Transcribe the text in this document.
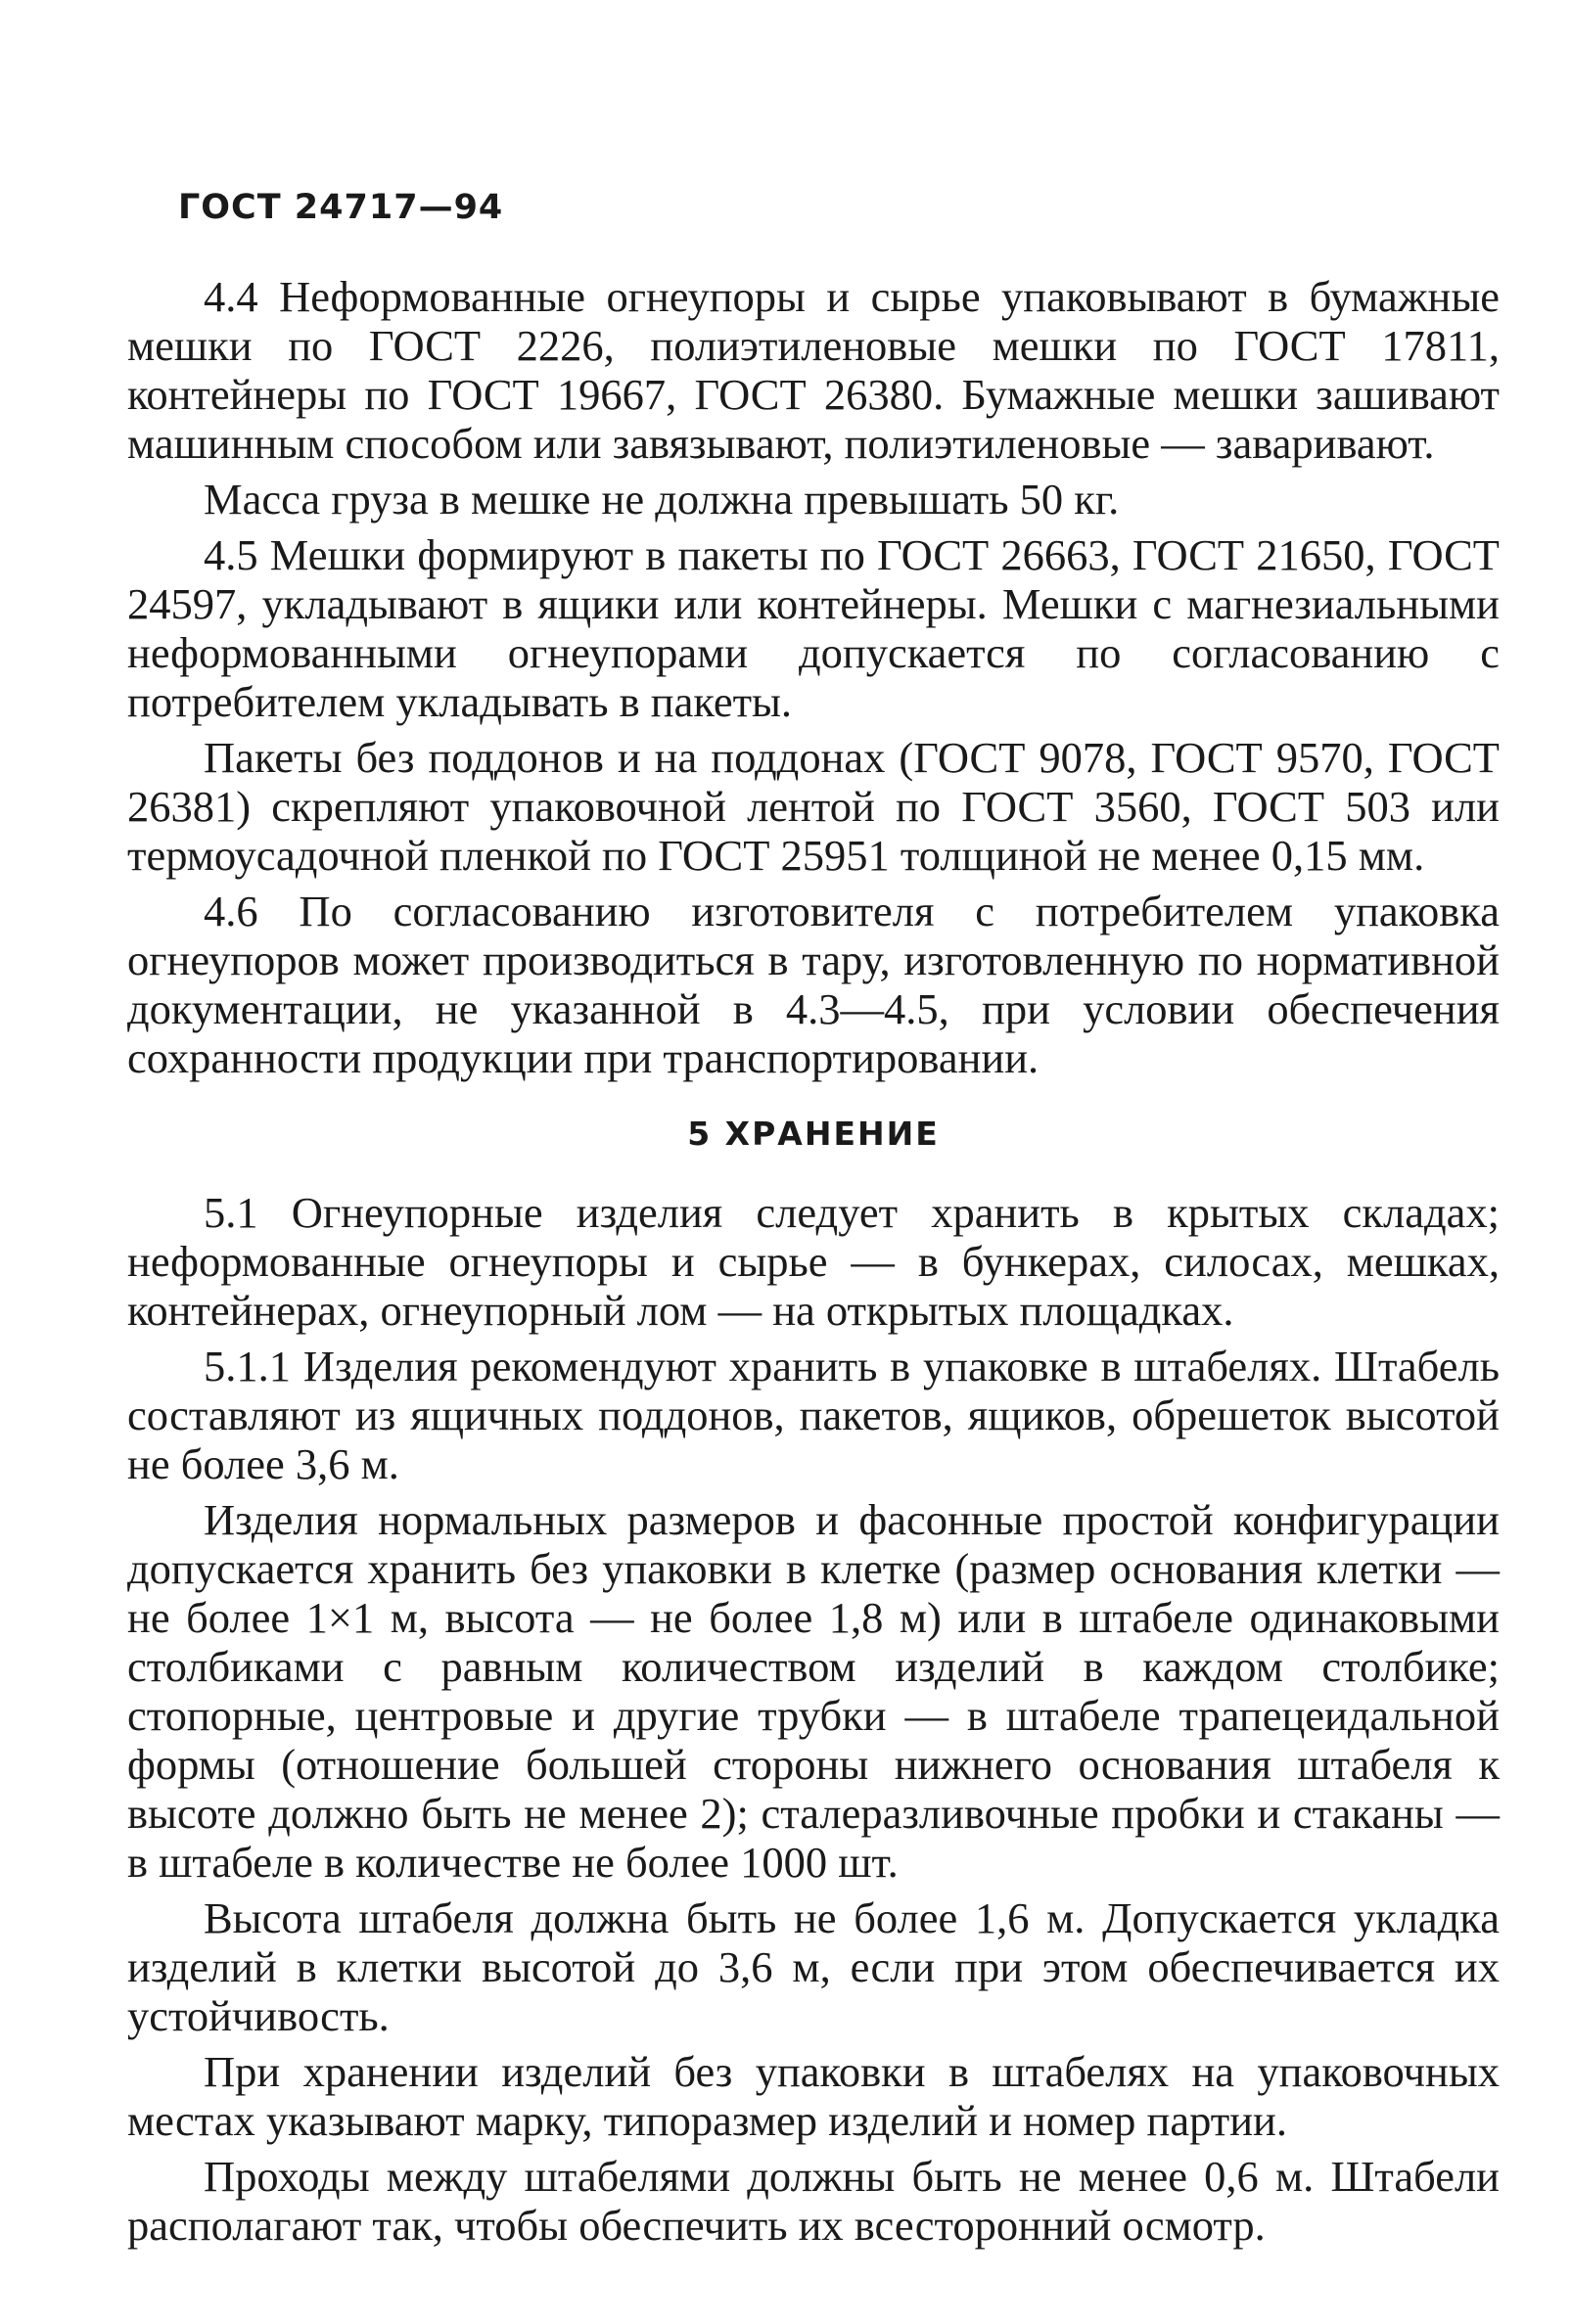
ГОСТ 24717—94

4.4 Неформованные огнеупоры и сырье упаковывают в бумажные мешки по ГОСТ 2226, полиэтиленовые мешки по ГОСТ 17811, контейнеры по ГОСТ 19667, ГОСТ 26380. Бумажные мешки зашивают машинным способом или завязывают, полиэтиленовые — заваривают.

Масса груза в мешке не должна превышать 50 кг.

4.5 Мешки формируют в пакеты по ГОСТ 26663, ГОСТ 21650, ГОСТ 24597, укладывают в ящики или контейнеры. Мешки с магнезиальными неформованными огнеупорами допускается по согласованию с потребителем укладывать в пакеты.

Пакеты без поддонов и на поддонах (ГОСТ 9078, ГОСТ 9570, ГОСТ 26381) скрепляют упаковочной лентой по ГОСТ 3560, ГОСТ 503 или термоусадочной пленкой по ГОСТ 25951 толщиной не менее 0,15 мм.

4.6 По согласованию изготовителя с потребителем упаковка огнеупоров может производиться в тару, изготовленную по нормативной документации, не указанной в 4.3—4.5, при условии обеспечения сохранности продукции при транспортировании.

5 ХРАНЕНИЕ

5.1 Огнеупорные изделия следует хранить в крытых складах; неформованные огнеупоры и сырье — в бункерах, силосах, мешках, контейнерах, огнеупорный лом — на открытых площадках.

5.1.1 Изделия рекомендуют хранить в упаковке в штабелях. Штабель составляют из ящичных поддонов, пакетов, ящиков, обрешеток высотой не более 3,6 м.

Изделия нормальных размеров и фасонные простой конфигурации допускается хранить без упаковки в клетке (размер основания клетки — не более 1×1 м, высота — не более 1,8 м) или в штабеле одинаковыми столбиками с равным количеством изделий в каждом столбике; стопорные, центровые и другие трубки — в штабеле трапецеидальной формы (отношение большей стороны нижнего основания штабеля к высоте должно быть не менее 2); сталеразливочные пробки и стаканы — в штабеле в количестве не более 1000 шт.

Высота штабеля должна быть не более 1,6 м. Допускается укладка изделий в клетки высотой до 3,6 м, если при этом обеспечивается их устойчивость.

При хранении изделий без упаковки в штабелях на упаковочных местах указывают марку, типоразмер изделий и номер партии.

Проходы между штабелями должны быть не менее 0,6 м. Штабели располагают так, чтобы обеспечить их всесторонний осмотр.
